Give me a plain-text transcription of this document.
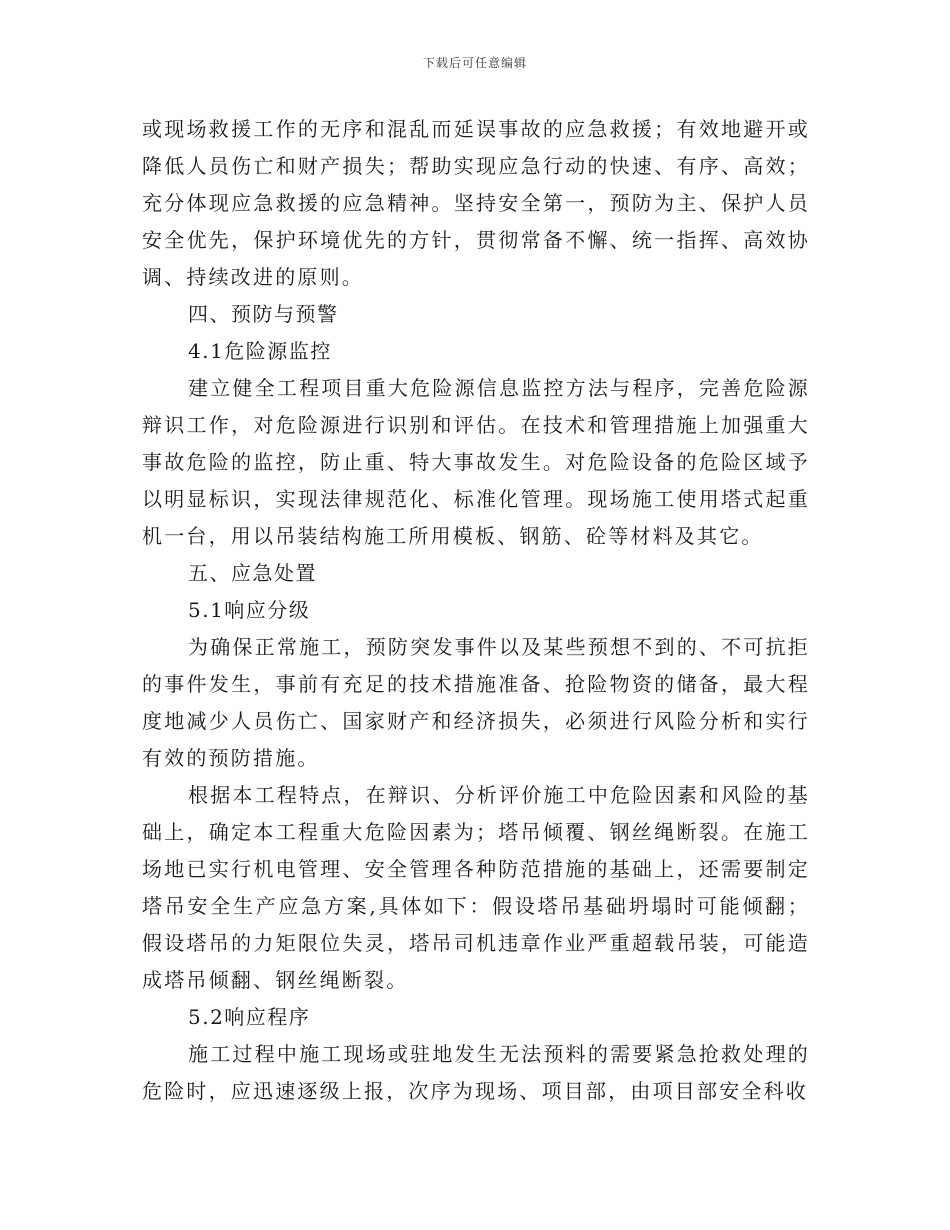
下载后可任意编辑

或现场救援工作的无序和混乱而延误事故的应急救援；有效地避开或降低人员伤亡和财产损失；帮助实现应急行动的快速、有序、高效；充分体现应急救援的应急精神。坚持安全第一，预防为主、保护人员安全优先，保护环境优先的方针，贯彻常备不懈、统一指挥、高效协调、持续改进的原则。

四、预防与预警

4.1危险源监控

建立健全工程项目重大危险源信息监控方法与程序，完善危险源辩识工作，对危险源进行识别和评估。在技术和管理措施上加强重大事故危险的监控，防止重、特大事故发生。对危险设备的危险区域予以明显标识，实现法律规范化、标准化管理。现场施工使用塔式起重机一台，用以吊装结构施工所用模板、钢筋、砼等材料及其它。

五、应急处置

5.1响应分级

为确保正常施工，预防突发事件以及某些预想不到的、不可抗拒的事件发生，事前有充足的技术措施准备、抢险物资的储备，最大程度地减少人员伤亡、国家财产和经济损失，必须进行风险分析和实行有效的预防措施。

根据本工程特点，在辩识、分析评价施工中危险因素和风险的基础上，确定本工程重大危险因素为；塔吊倾覆、钢丝绳断裂。在施工场地已实行机电管理、安全管理各种防范措施的基础上，还需要制定塔吊安全生产应急方案,具体如下：假设塔吊基础坍塌时可能倾翻；假设塔吊的力矩限位失灵，塔吊司机违章作业严重超载吊装，可能造成塔吊倾翻、钢丝绳断裂。

5.2响应程序

施工过程中施工现场或驻地发生无法预料的需要紧急抢救处理的危险时，应迅速逐级上报，次序为现场、项目部，由项目部安全科收
